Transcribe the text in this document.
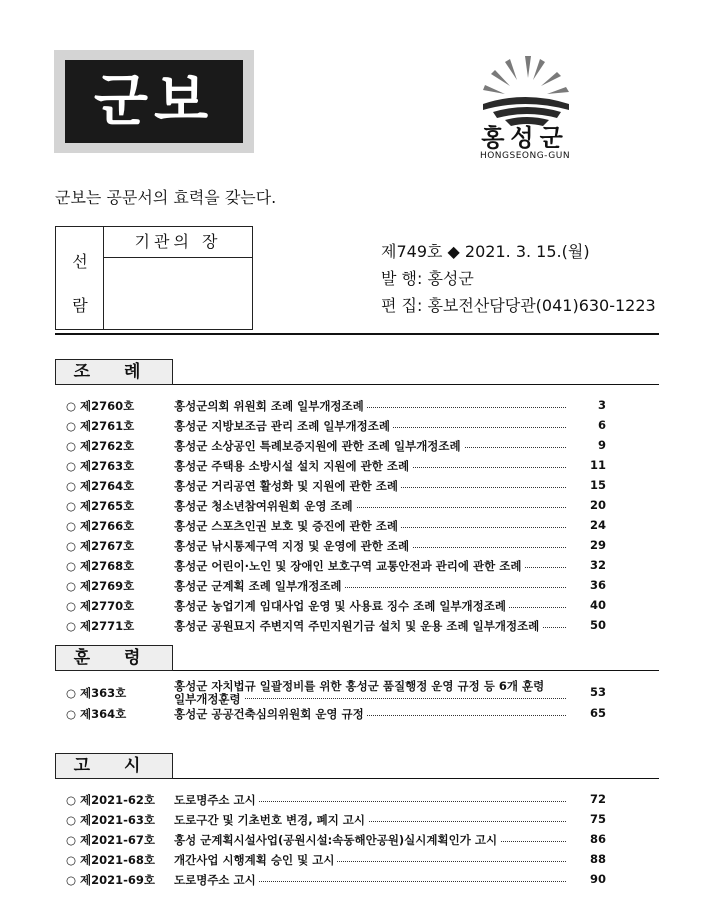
군보
홍성군
HONGSEONG-GUN
군보는 공문서의 효력을 갖는다.
선
람
기관의 장
제749호 ◆ 2021. 3. 15.(월)
발 행: 홍성군
편 집: 홍보전산담당관(041)630-1223
조 례
○ 제2760호	홍성군의회 위원회 조례 일부개정조례	3
○ 제2761호	홍성군 지방보조금 관리 조례 일부개정조례	6
○ 제2762호	홍성군 소상공인 특례보증지원에 관한 조례 일부개정조례	9
○ 제2763호	홍성군 주택용 소방시설 설치 지원에 관한 조례	11
○ 제2764호	홍성군 거리공연 활성화 및 지원에 관한 조례	15
○ 제2765호	홍성군 청소년참여위원회 운영 조례	20
○ 제2766호	홍성군 스포츠인권 보호 및 증진에 관한 조례	24
○ 제2767호	홍성군 낚시통제구역 지정 및 운영에 관한 조례	29
○ 제2768호	홍성군 어린이·노인 및 장애인 보호구역 교통안전과 관리에 관한 조례	32
○ 제2769호	홍성군 군계획 조례 일부개정조례	36
○ 제2770호	홍성군 농업기계 임대사업 운영 및 사용료 징수 조례 일부개정조례	40
○ 제2771호	홍성군 공원묘지 주변지역 주민지원기금 설치 및 운용 조례 일부개정조례	50
훈 령
○ 제363호	홍성군 자치법규 일괄정비를 위한 홍성군 품질행정 운영 규정 등 6개 훈령 일부개정훈령	53
○ 제364호	홍성군 공공건축심의위원회 운영 규정	65
고 시
○ 제2021-62호 도로명주소 고시	72
○ 제2021-63호 도로구간 및 기초번호 변경, 폐지 고시	75
○ 제2021-67호 홍성 군계획시설사업(공원시설:속동해안공원)실시계획인가 고시	86
○ 제2021-68호 개간사업 시행계획 승인 및 고시	88
○ 제2021-69호 도로명주소 고시	90
